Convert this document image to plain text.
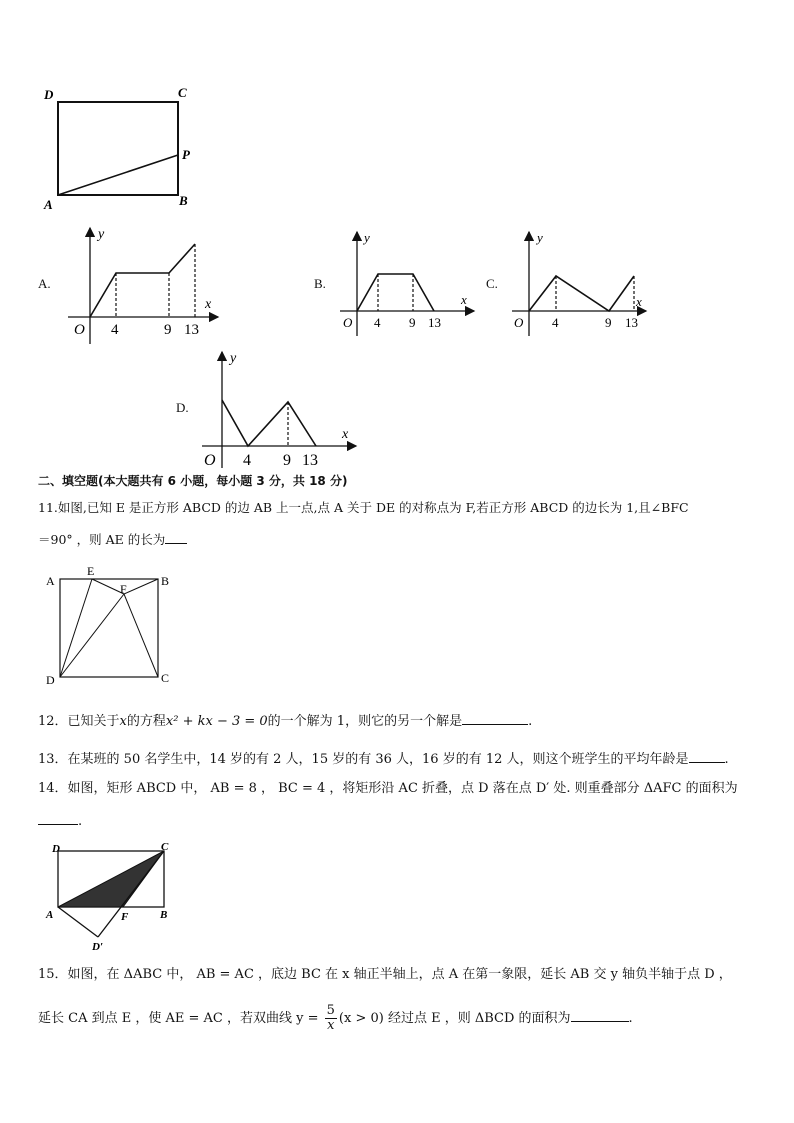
D	C
P
A	B
A.
y
x
O 4	9 13
B.
y
x
O 4 9 13
C.
y
x
O 4	9 13
D.
y
x
O 4 9 13
二、填空题(本大题共有 6 小题，每小题 3 分，共 18 分)
11.如图,已知 E 是正方形 ABCD 的边 AB 上一点,点 A 关于 DE 的对称点为 F,若正方形 ABCD 的边长为 1,且∠BFC
＝90° ，则 AE 的长为
A
E
B
F
D	C
12．已知关于x的方程x² + kx − 3 = 0的一个解为 1，则它的另一个解是	.
13．在某班的 50 名学生中，14 岁的有 2 人，15 岁的有 36 人，16 岁的有 12 人，则这个班学生的平均年龄是	.
14．如图，矩形 ABCD 中， AB = 8 ， BC = 4 ，将矩形沿 AC 折叠，点 D 落在点 D′ 处. 则重叠部分 ΔAFC 的面积为
.
D	C
A	F	B
D′
15．如图，在 ΔABC 中， AB = AC ，底边 BC 在 x 轴正半轴上，点 A 在第一象限，延长 AB 交 y 轴负半轴于点 D ，
延长 CA 到点 E ，使 AE = AC ，若双曲线 $y = \frac{5}{x} (x > 0)$ 经过点 E ，则 ΔBCD 的面积为	.
